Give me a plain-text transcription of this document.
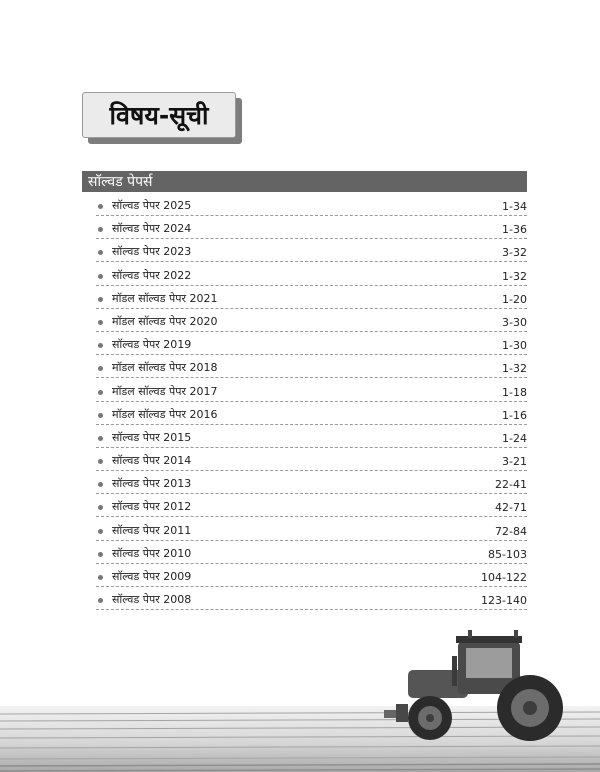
विषय-सूची
सॉल्वड पेपर्स
सॉल्वड पेपर 2025	1-34
सॉल्वड पेपर 2024	1-36
सॉल्वड पेपर 2023	3-32
सॉल्वड पेपर 2022	1-32
मॉडल सॉल्वड पेपर 2021	1-20
मॉडल सॉल्वड पेपर 2020	3-30
सॉल्वड पेपर 2019	1-30
मॉडल सॉल्वड पेपर 2018	1-32
मॉडल सॉल्वड पेपर 2017	1-18
मॉडल सॉल्वड पेपर 2016	1-16
सॉल्वड पेपर 2015	1-24
सॉल्वड पेपर 2014	3-21
सॉल्वड पेपर 2013	22-41
सॉल्वड पेपर 2012	42-71
सॉल्वड पेपर 2011	72-84
सॉल्वड पेपर 2010	85-103
सॉल्वड पेपर 2009	104-122
सॉल्वड पेपर 2008	123-140
